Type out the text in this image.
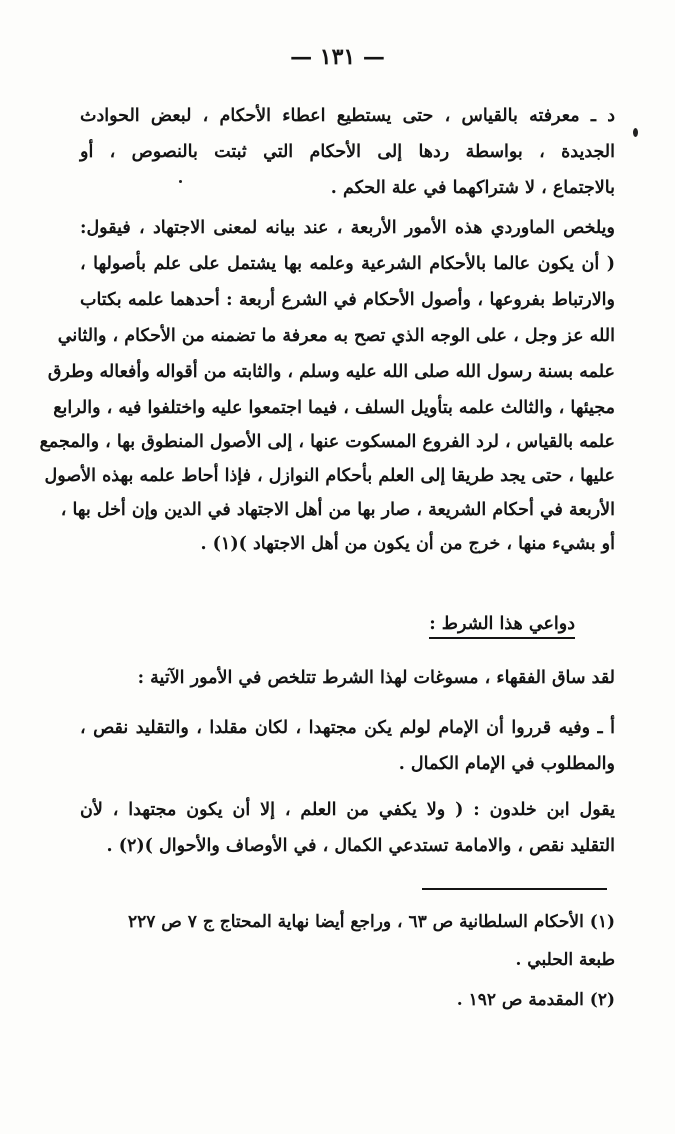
— ١٣١ —
د ـ معرفته بالقياس ، حتى يستطيع اعطاء الأحكام ، لبعض الحوادث
الجديدة ، بواسطة ردها إلى الأحكام التي ثبتت بالنصوص ، أو
بالاجتماع ، لا شتراكهما في علة الحكم .
ويلخص الماوردي هذه الأمور الأربعة ، عند بيانه لمعنى الاجتهاد ، فيقول:
( أن يكون عالما بالأحكام الشرعية وعلمه بها يشتمل على علم بأصولها ،
والارتباط بفروعها ، وأصول الأحكام في الشرع أربعة : أحدهما علمه بكتاب
الله عز وجل ، على الوجه الذي تصح به معرفة ما تضمنه من الأحكام ، والثاني
علمه بسنة رسول الله صلى الله عليه وسلم ، والثابته من أقواله وأفعاله وطرق
مجيئها ، والثالث علمه بتأويل السلف ، فيما اجتمعوا عليه واختلفوا فيه ، والرابع
علمه بالقياس ، لرد الفروع المسكوت عنها ، إلى الأصول المنطوق بها ، والمجمع
عليها ، حتى يجد طريقا إلى العلم بأحكام النوازل ، فإذا أحاط علمه بهذه الأصول
الأربعة في أحكام الشريعة ، صار بها من أهل الاجتهاد في الدين وإن أخل بها ،
أو بشيء منها ، خرج من أن يكون من أهل الاجتهاد )(١) .
دواعي هذا الشرط :
لقد ساق الفقهاء ، مسوغات لهذا الشرط تتلخص في الأمور الآتية :
أ ـ وفيه قرروا أن الإمام لولم يكن مجتهدا ، لكان مقلدا ، والتقليد نقص ،
والمطلوب في الإمام الكمال .
يقول ابن خلدون : ( ولا يكفي من العلم ، إلا أن يكون مجتهدا ، لأن
التقليد نقص ، والامامة تستدعي الكمال ، في الأوصاف والأحوال )(٢) .
(١) الأحكام السلطانية ص ٦٣ ، وراجع أيضا نهاية المحتاج ج ٧ ص ٢٢٧
طبعة الحلبي .
(٢) المقدمة ص ١٩٢ .
